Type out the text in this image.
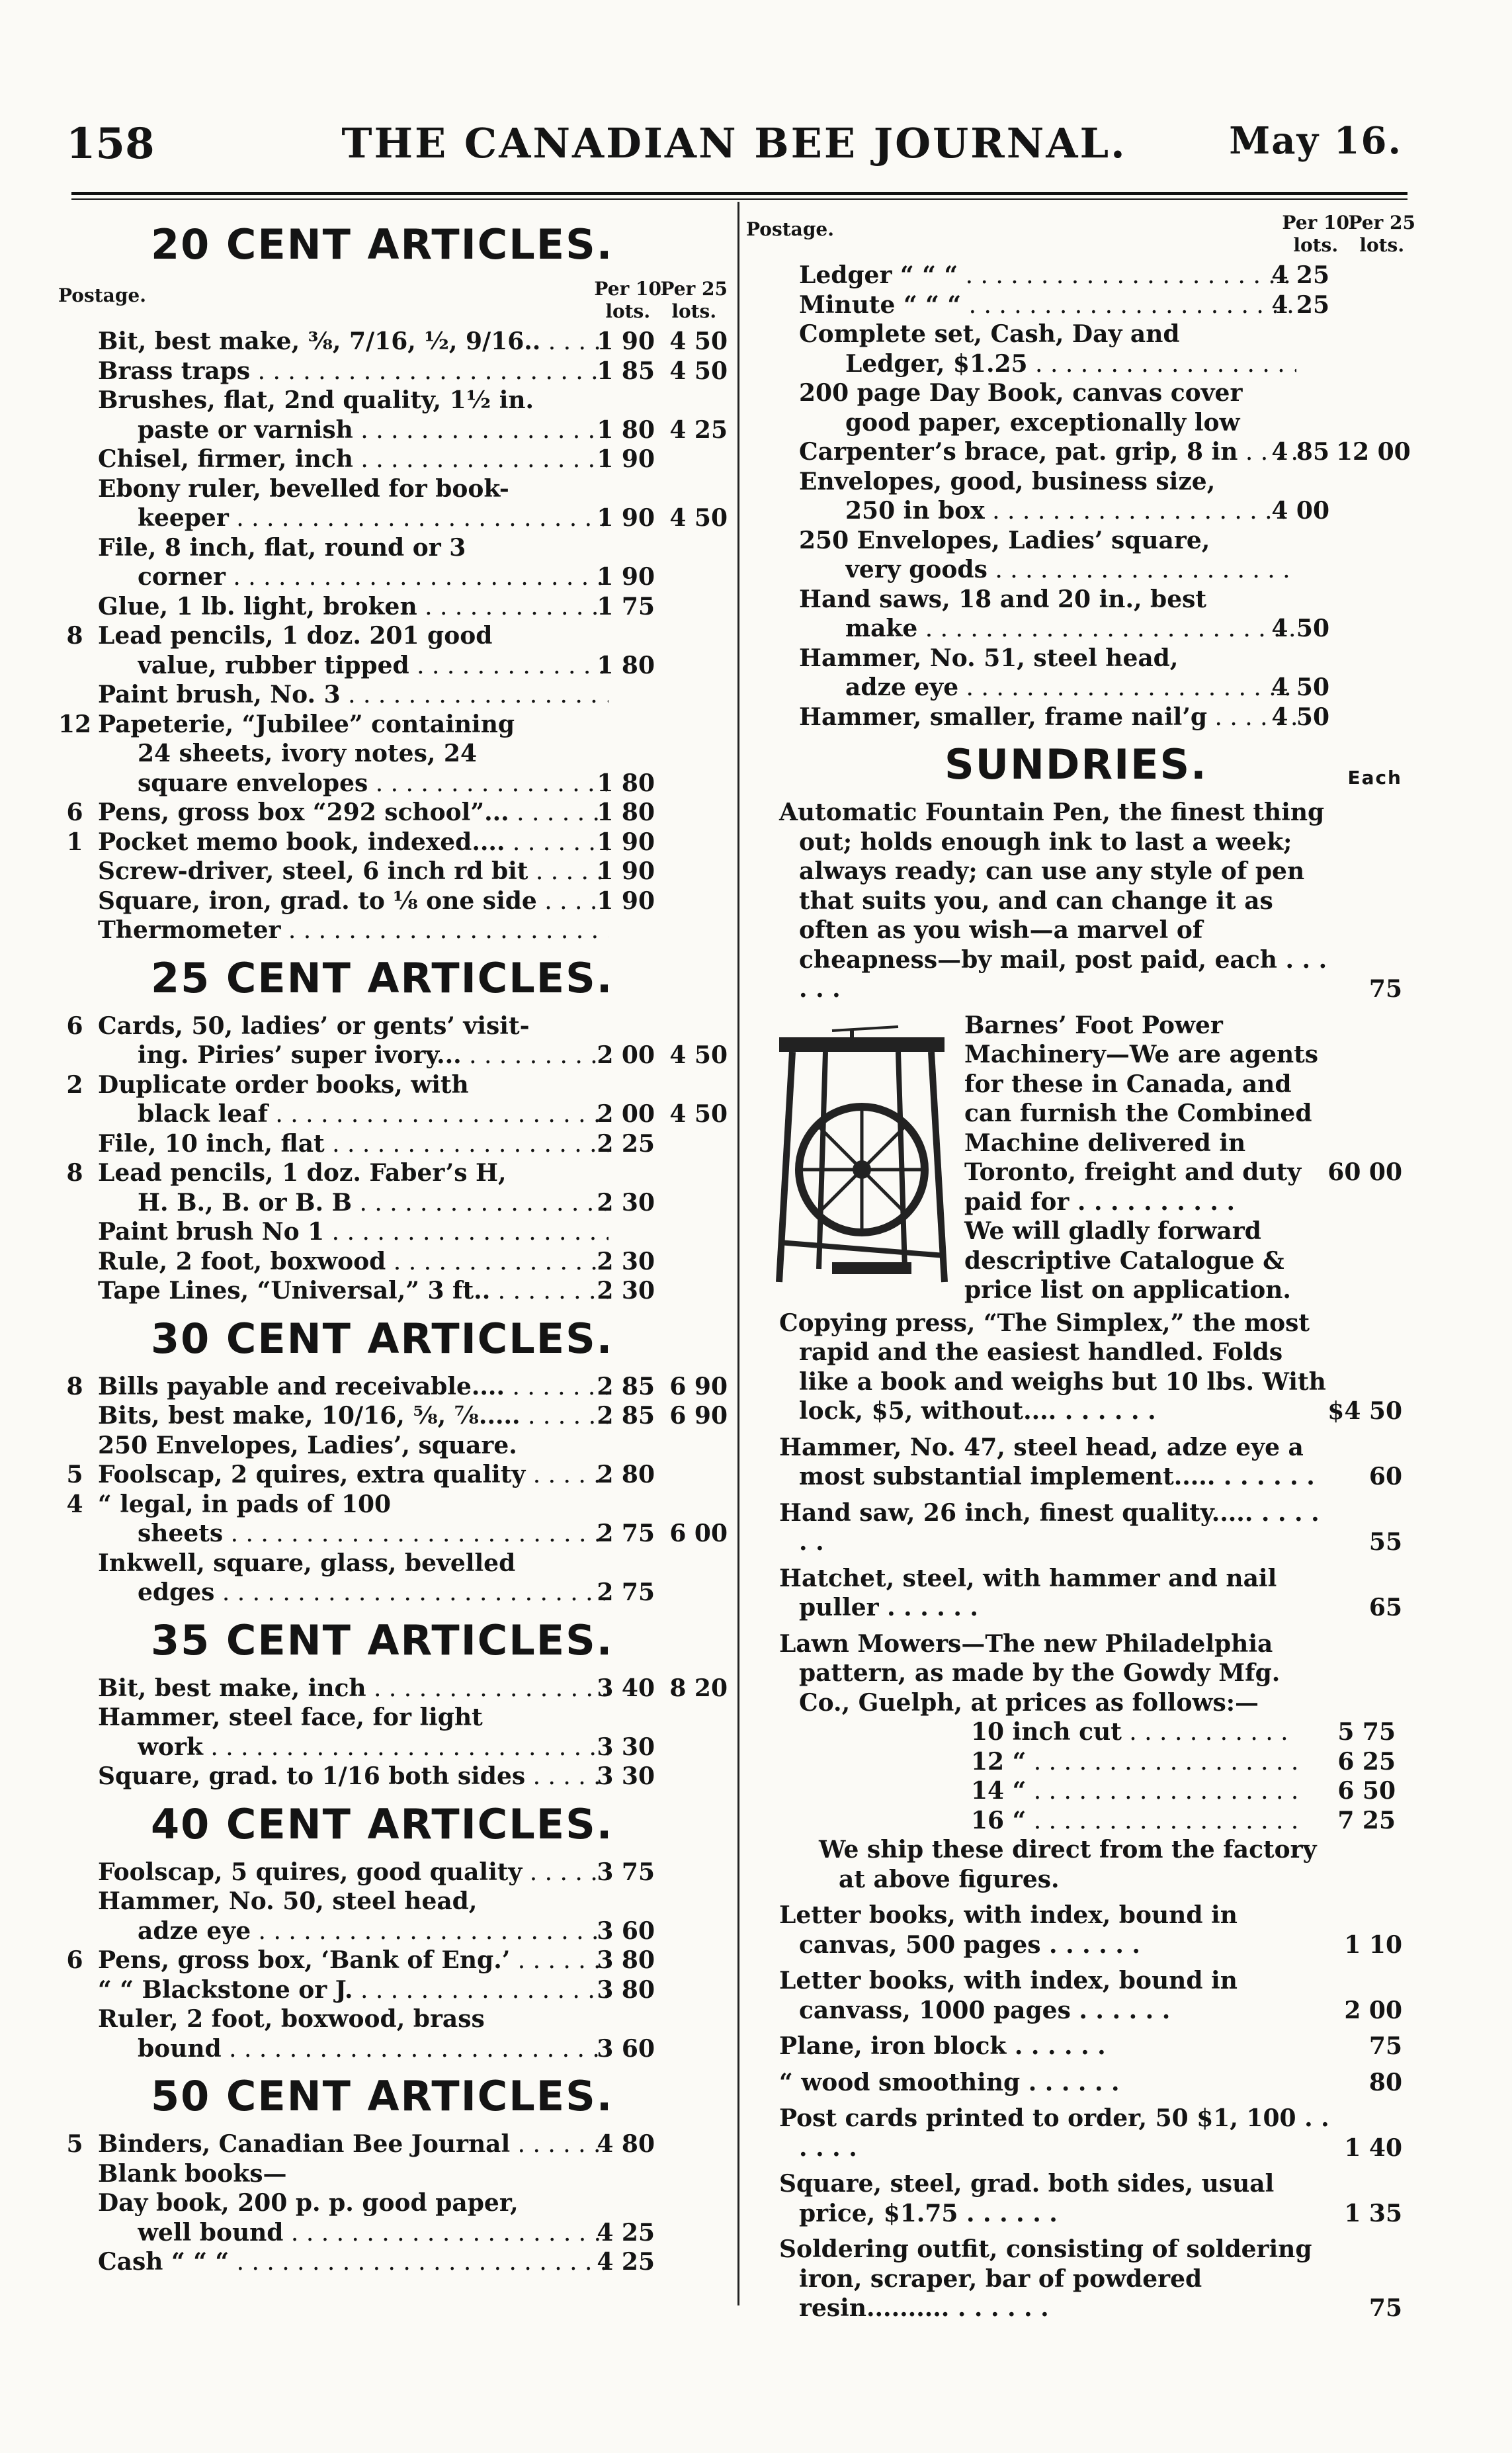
158	THE CANADIAN BEE JOURNAL.	May 16.
20 CENT ARTICLES.
Postage.	Per 10
lots.
Per 25
lots.
Bit, best make, ⅜, 7/16, ½, 9/16.. . . .	1 90 4 50
Brass traps . . .	1 85 4 50
Brushes, flat, 2nd quality, 1½ in.
paste or varnish . . .	1 80 4 25
Chisel, firmer, inch . . .	1 90
Ebony ruler, bevelled for book-
keeper . . .	1 90 4 50
File, 8 inch, flat, round or 3
corner . . .	1 90
Glue, 1 lb. light, broken . . .	1 75
8 Lead pencils, 1 doz. 201 good
value, rubber tipped . . .	1 80
Paint brush, No. 3 . . .
12 Papeterie, “Jubilee” containing
24 sheets, ivory notes, 24
square envelopes . . .	1 80
6 Pens, gross box “292 school”... . . .	1 80
1 Pocket memo book, indexed.... . . .	1 90
Screw-driver, steel, 6 inch rd bit . . .	1 90
Square, iron, grad. to ⅛ one side . . .	1 90
Thermometer . . .
25 CENT ARTICLES.
6 Cards, 50, ladies’ or gents’ visit-
ing. Piries’ super ivory... . . .	2 00 4 50
2 Duplicate order books, with
black leaf . . .	2 00 4 50
File, 10 inch, flat . . .	2 25
8 Lead pencils, 1 doz. Faber’s H,
H. B., B. or B. B . . .	2 30
Paint brush No 1 . . .
Rule, 2 foot, boxwood . . .	2 30
Tape Lines, “Universal,” 3 ft.. . . .	2 30
30 CENT ARTICLES.
8 Bills payable and receivable.... . . .	2 85 6 90
Bits, best make, 10/16, ⅝, ⅞..... . . .	2 85 6 90
250 Envelopes, Ladies’, square.
5 Foolscap, 2 quires, extra quality . . .	2 80
4 “ legal, in pads of 100
sheets . . .	2 75 6 00
Inkwell, square, glass, bevelled
edges . . .	2 75
35 CENT ARTICLES.
Bit, best make, inch . . .	3 40 8 20
Hammer, steel face, for light
work . . .	3 30
Square, grad. to 1/16 both sides . . .	3 30
40 CENT ARTICLES.
Foolscap, 5 quires, good quality . . .	3 75
Hammer, No. 50, steel head,
adze eye . . .	3 60
6 Pens, gross box, ‘Bank of Eng.’ . . .	3 80
“ “ Blackstone or J. . . .	3 80
Ruler, 2 foot, boxwood, brass
bound . . .	3 60
50 CENT ARTICLES.
5 Binders, Canadian Bee Journal . . .	4 80
Blank books—
Day book, 200 p. p. good paper,
well bound . . .	4 25
Cash “ “ “ . . .	4 25
Postage.	Per 10
lots.
Per 25
lots.
Ledger “ “ “ . . .	4 25
Minute “ “ “ . . .	4 25
Complete set, Cash, Day and
Ledger, $1.25 . . .
200 page Day Book, canvas cover
good paper, exceptionally low
Carpenter’s brace, pat. grip, 8 in . . .	4 85 12 00
Envelopes, good, business size,
250 in box . . .	4 00
250 Envelopes, Ladies’ square,
very goods . . .
Hand saws, 18 and 20 in., best
make . . .	4 50
Hammer, No. 51, steel head,
adze eye . . .	4 50
Hammer, smaller, frame nail’g . . .	4 50
SUNDRIES.	Each
Automatic Fountain Pen, the finest thing out; holds enough ink to last a week; always ready; can use any style of pen that suits you, and can change it as often as you wish—a marvel of cheapness—by mail, post paid, each . . . . . .	75
Barnes’ Foot Power Machinery—We are agents for these in Canada, and can furnish the Combined Machine delivered in Toronto, freight and duty paid for . . . . . . . . . .
We will gladly forward descriptive Catalogue & price list on application.
60 00
Copying press, “The Simplex,” the most rapid and the easiest handled. Folds like a book and weighs but 10 lbs. With lock, $5, without.... . . . . . .	$4 50
Hammer, No. 47, steel head, adze eye a most substantial implement..... . . . . . . 60
Hand saw, 26 inch, finest quality..... . . . . . .	55
Hatchet, steel, with hammer and nail puller . . . . . .	65
Lawn Mowers—The new Philadelphia pattern, as made by the Gowdy Mfg. Co., Guelph, at prices as follows:—
10 inch cut . . .	5 75
12 “ . . .	6 25
14 “ . . .	6 50
16 “ . . .	7 25
We ship these direct from the factory at above figures.
Letter books, with index, bound in canvas, 500 pages . . . . . .	1 10
Letter books, with index, bound in canvass, 1000 pages . . . . . .	2 00
Plane, iron block . . . . . .	75
“ wood smoothing . . . . . .	80
Post cards printed to order, 50 $1, 100 . . . . . .	1 40
Square, steel, grad. both sides, usual price, $1.75 . . . . . .	1 35
Soldering outfit, consisting of soldering iron, scraper, bar of powdered resin.......... . . . . . .	75
